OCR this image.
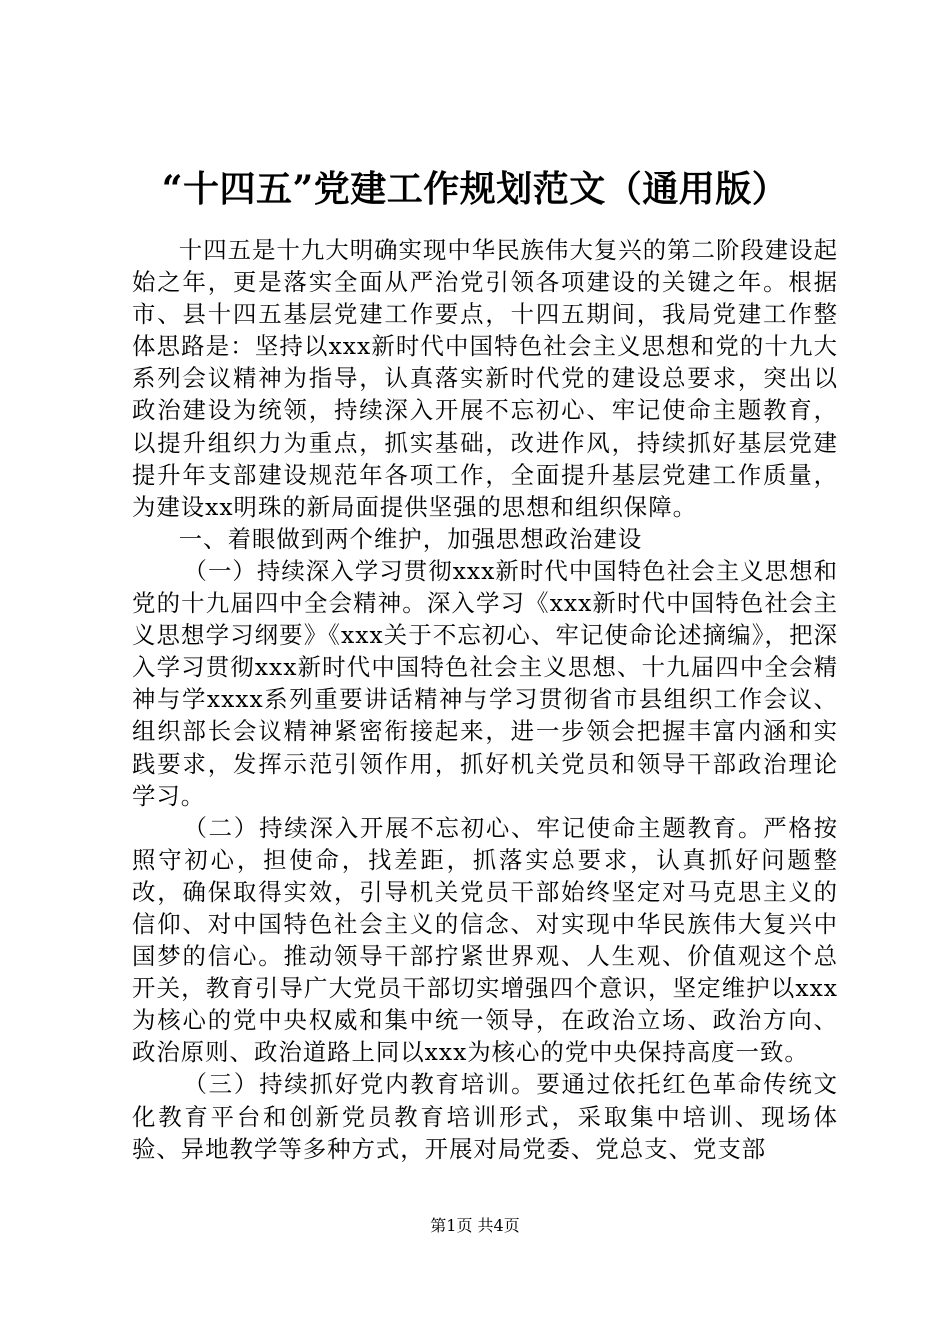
“十四五”党建工作规划范文（通用版）

十四五是十九大明确实现中华民族伟大复兴的第二阶段建设起始之年，更是落实全面从严治党引领各项建设的关键之年。根据市、县十四五基层党建工作要点，十四五期间，我局党建工作整体思路是：坚持以xxx新时代中国特色社会主义思想和党的十九大系列会议精神为指导，认真落实新时代党的建设总要求，突出以政治建设为统领，持续深入开展不忘初心、牢记使命主题教育，以提升组织力为重点，抓实基础，改进作风，持续抓好基层党建提升年支部建设规范年各项工作，全面提升基层党建工作质量，为建设xx明珠的新局面提供坚强的思想和组织保障。

一、着眼做到两个维护，加强思想政治建设

（一）持续深入学习贯彻xxx新时代中国特色社会主义思想和党的十九届四中全会精神。深入学习《xxx新时代中国特色社会主义思想学习纲要》《xxx关于不忘初心、牢记使命论述摘编》，把深入学习贯彻xxx新时代中国特色社会主义思想、十九届四中全会精神与学xxxx系列重要讲话精神与学习贯彻省市县组织工作会议、组织部长会议精神紧密衔接起来，进一步领会把握丰富内涵和实践要求，发挥示范引领作用，抓好机关党员和领导干部政治理论学习。

（二）持续深入开展不忘初心、牢记使命主题教育。严格按照守初心，担使命，找差距，抓落实总要求，认真抓好问题整改，确保取得实效，引导机关党员干部始终坚定对马克思主义的信仰、对中国特色社会主义的信念、对实现中华民族伟大复兴中国梦的信心。推动领导干部拧紧世界观、人生观、价值观这个总开关，教育引导广大党员干部切实增强四个意识，坚定维护以xxx为核心的党中央权威和集中统一领导，在政治立场、政治方向、政治原则、政治道路上同以xxx为核心的党中央保持高度一致。

（三）持续抓好党内教育培训。要通过依托红色革命传统文化教育平台和创新党员教育培训形式，采取集中培训、现场体验、异地教学等多种方式，开展对局党委、党总支、党支部

第1页 共4页
